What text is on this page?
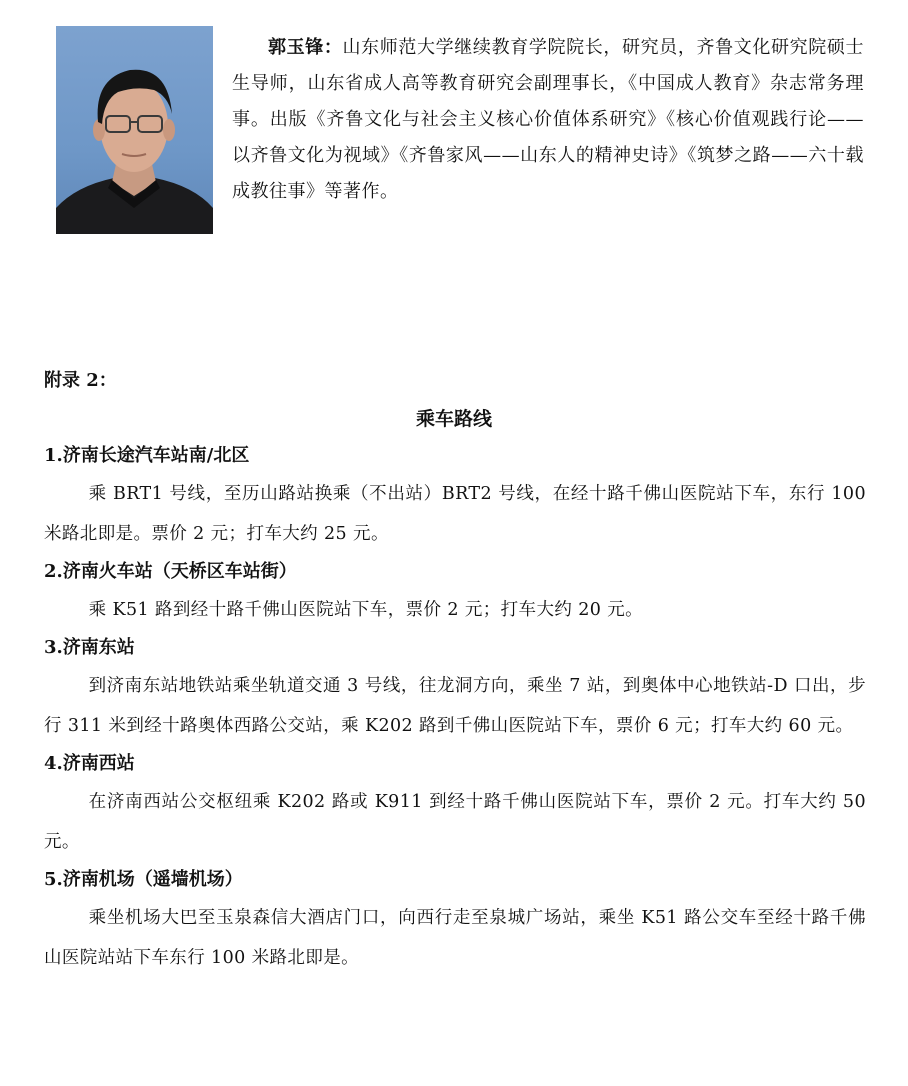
郭玉锋：山东师范大学继续教育学院院长，研究员，齐鲁文化研究院硕士生导师，山东省成人高等教育研究会副理事长，《中国成人教育》杂志常务理事。出版《齐鲁文化与社会主义核心价值体系研究》《核心价值观践行论——以齐鲁文化为视域》《齐鲁家风——山东人的精神史诗》《筑梦之路——六十载成教往事》等著作。

附录 2：

乘车路线
1.济南长途汽车站南/北区

乘 BRT1 号线，至历山路站换乘（不出站）BRT2 号线，在经十路千佛山医院站下车，东行 100 米路北即是。票价 2 元；打车大约 25 元。

2.济南火车站（天桥区车站街）

乘 K51 路到经十路千佛山医院站下车，票价 2 元；打车大约 20 元。

3.济南东站

到济南东站地铁站乘坐轨道交通 3 号线，往龙洞方向，乘坐 7 站，到奥体中心地铁站-D 口出，步行 311 米到经十路奥体西路公交站，乘 K202 路到千佛山医院站下车，票价 6 元；打车大约 60 元。

4.济南西站

在济南西站公交枢纽乘 K202 路或 K911 到经十路千佛山医院站下车，票价 2 元。打车大约 50 元。

5.济南机场（遥墙机场）

乘坐机场大巴至玉泉森信大酒店门口，向西行走至泉城广场站，乘坐 K51 路公交车至经十路千佛山医院站站下车东行 100 米路北即是。
